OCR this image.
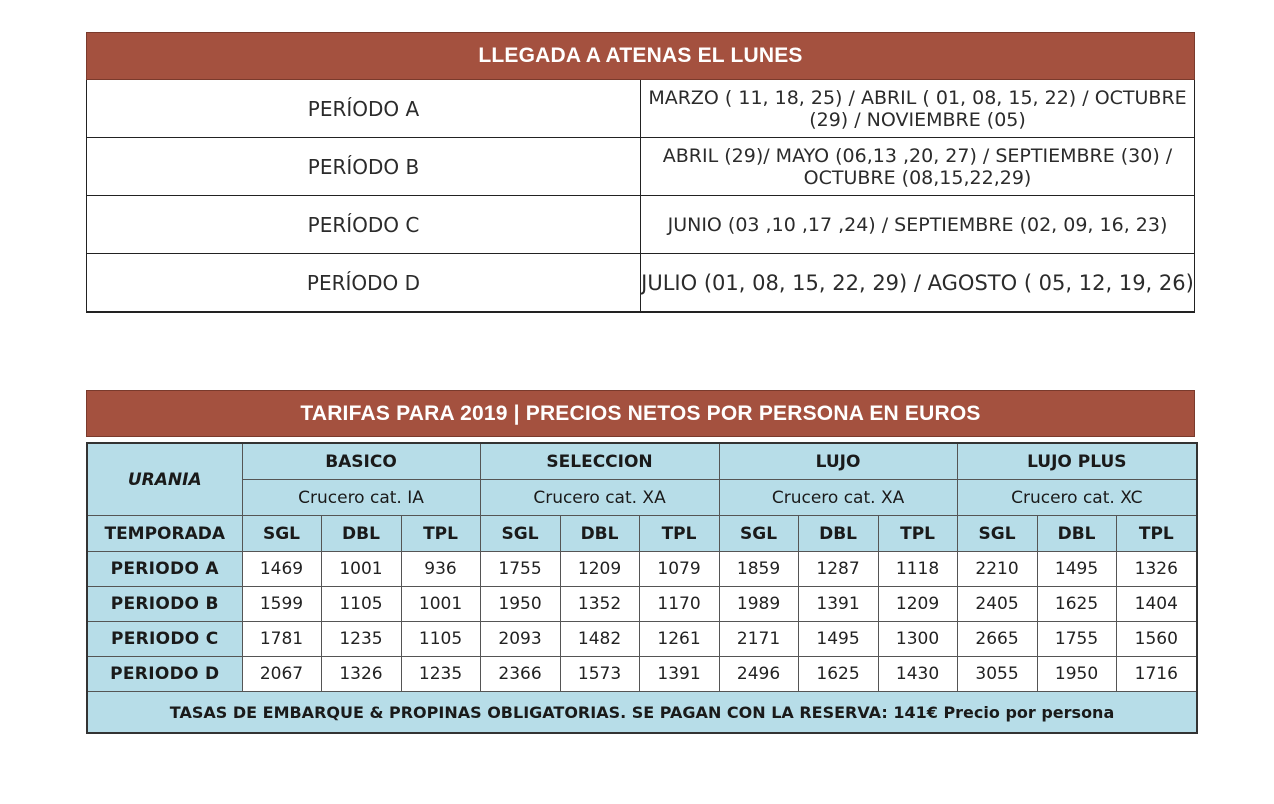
LLEGADA A ATENAS EL LUNES	
PERÍODO A	MARZO ( 11, 18, 25) / ABRIL ( 01, 08, 15, 22) / OCTUBRE (29) / NOVIEMBRE (05)
PERÍODO B	ABRIL (29)/ MAYO (06,13 ,20, 27) / SEPTIEMBRE (30) / OCTUBRE (08,15,22,29)
PERÍODO C	JUNIO (03 ,10 ,17 ,24) / SEPTIEMBRE (02, 09, 16, 23)
PERÍODO D	JULIO (01, 08, 15, 22, 29) / AGOSTO ( 05, 12, 19, 26)
TARIFAS PARA 2019 | PRECIOS NETOS POR PERSONA EN EUROS
URANIA	BASICO			SELECCION			LUJO			LUJO PLUS		
	Crucero cat. IA			Crucero cat. XA			Crucero cat. XA			Crucero cat. XC		
TEMPORADA	SGL	DBL	TPL	SGL	DBL	TPL	SGL	DBL	TPL	SGL	DBL	TPL
PERIODO A	1469	1001	936	1755	1209	1079	1859	1287	1118	2210	1495	1326
PERIODO B	1599	1105	1001	1950	1352	1170	1989	1391	1209	2405	1625	1404
PERIODO C	1781	1235	1105	2093	1482	1261	2171	1495	1300	2665	1755	1560
PERIODO D	2067	1326	1235	2366	1573	1391	2496	1625	1430	3055	1950	1716
TASAS DE EMBARQUE & PROPINAS OBLIGATORIAS. SE PAGAN CON LA RESERVA: 141€ Precio por persona												
